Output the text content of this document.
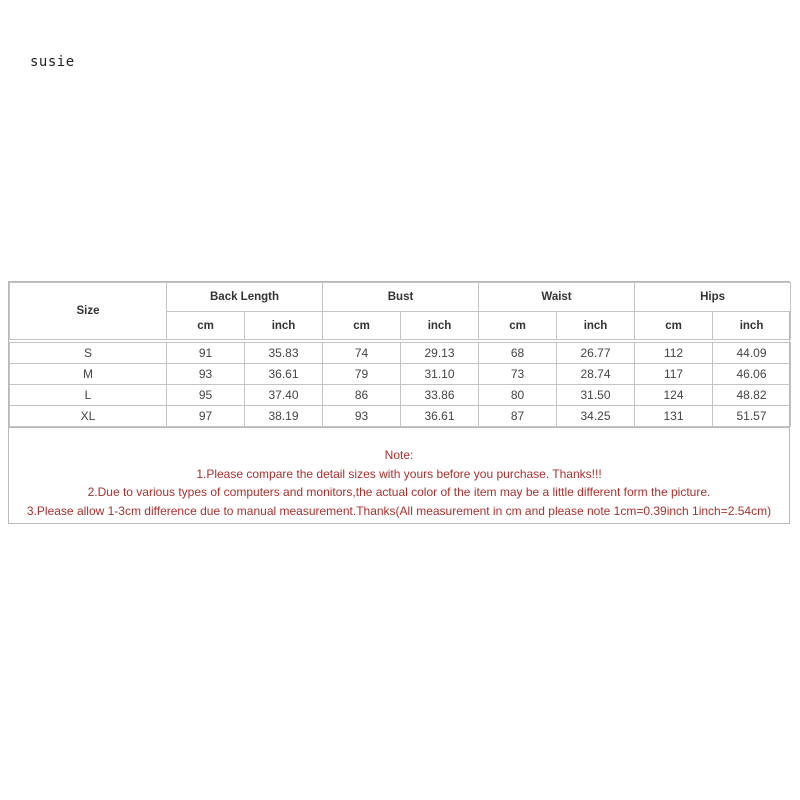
susie
Size	Back Length		Bust		Waist		Hips	
	cm	inch	cm	inch	cm	inch	cm	inch

S	91	35.83	74	29.13	68	26.77	112	44.09
M	93	36.61	79	31.10	73	28.74	117	46.06
L	95	37.40	86	33.86	80	31.50	124	48.82
XL	97	38.19	93	36.61	87	34.25	131	51.57
Note:
1.Please compare the detail sizes with yours before you purchase. Thanks!!!
2.Due to various types of computers and monitors,the actual color of the item may be a little different form the picture.
3.Please allow 1-3cm difference due to manual measurement.Thanks(All measurement in cm and please note 1cm=0.39inch 1inch=2.54cm)
